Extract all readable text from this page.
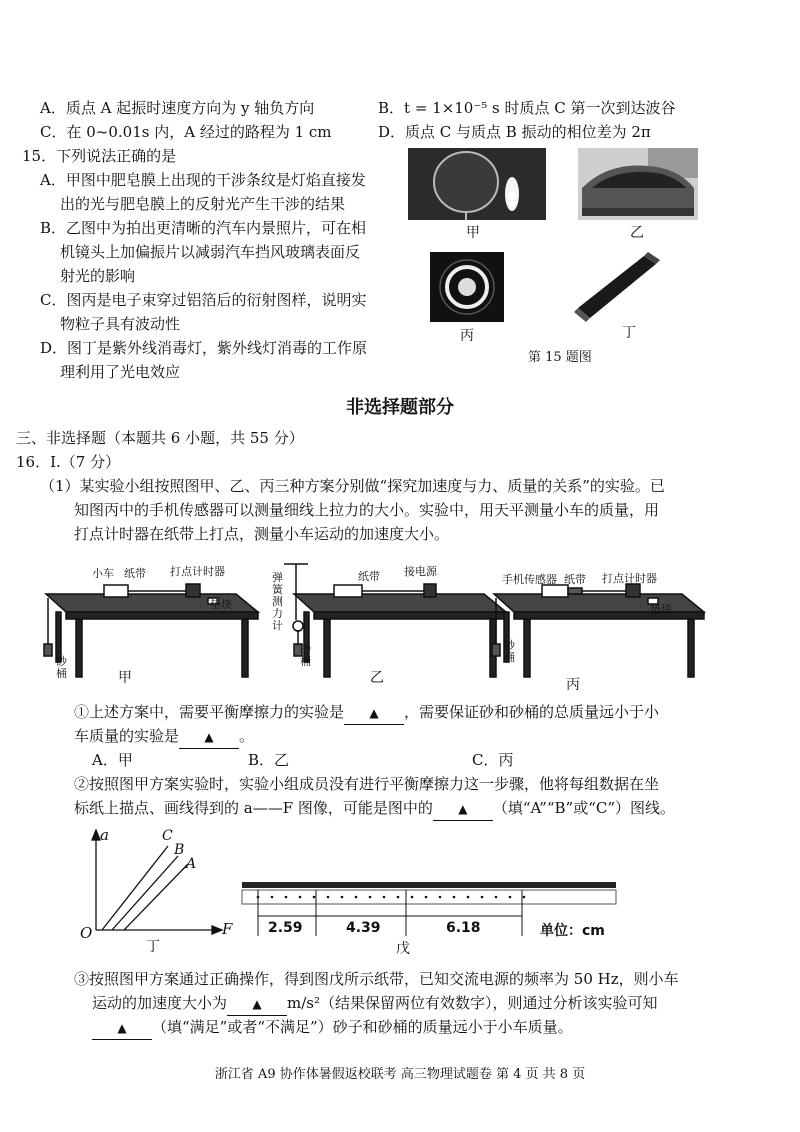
A．质点 A 起振时速度方向为 y 轴负方向	B．t = 1×10⁻⁵ s 时质点 C 第一次到达波谷
C．在 0~0.01s 内，A 经过的路程为 1 cm	D．质点 C 与质点 B 振动的相位差为 2π
15．下列说法正确的是
A．甲图中肥皂膜上出现的干涉条纹是灯焰直接发
出的光与肥皂膜上的反射光产生干涉的结果
B．乙图中为拍出更清晰的汽车内景照片，可在相
机镜头上加偏振片以减弱汽车挡风玻璃表面反
射光的影响
C．图丙是电子束穿过铝箔后的衍射图样，说明实
物粒子具有波动性
D．图丁是紫外线消毒灯，紫外线灯消毒的工作原
理利用了光电效应
甲	乙
丙	丁
第 15 题图
非选择题部分
三、非选择题（本题共 6 小题，共 55 分）
16．I.（7 分）
（1）某实验小组按照图甲、乙、丙三种方案分别做“探究加速度与力、质量的关系”的实验。已
知图丙中的手机传感器可以测量细线上拉力的大小。实验中，用天平测量小车的质量，用
打点计时器在纸带上打点，测量小车运动的加速度大小。
小车 纸带 打点计时器
垫块
砂桶	甲
弹簧测力计
纸带 接电源
砂桶
乙
手机传感器 纸带 打点计时器
垫块
砂桶
丙
①上述方案中，需要平衡摩擦力的实验是 ▲ ，需要保证砂和砂桶的总质量远小于小
车质量的实验是 ▲ 。
A．甲	B．乙	C．丙
②按照图甲方案实验时，实验小组成员没有进行平衡摩擦力这一步骤，他将每组数据在坐
标纸上描点、画线得到的 a——F 图像，可能是图中的 ▲ （填“A”“B”或“C”）图线。
a
F
O
C
B
A
丁
2.59	4.39	6.18	单位：cm
戊
③按照图甲方案通过正确操作，得到图戊所示纸带，已知交流电源的频率为 50 Hz，则小车
运动的加速度大小为 ▲ m/s²（结果保留两位有效数字），则通过分析该实验可知
▲ （填“满足”或者“不满足”）砂子和砂桶的质量远小于小车质量。
浙江省 A9 协作体暑假返校联考 高三物理试题卷 第 4 页 共 8 页
